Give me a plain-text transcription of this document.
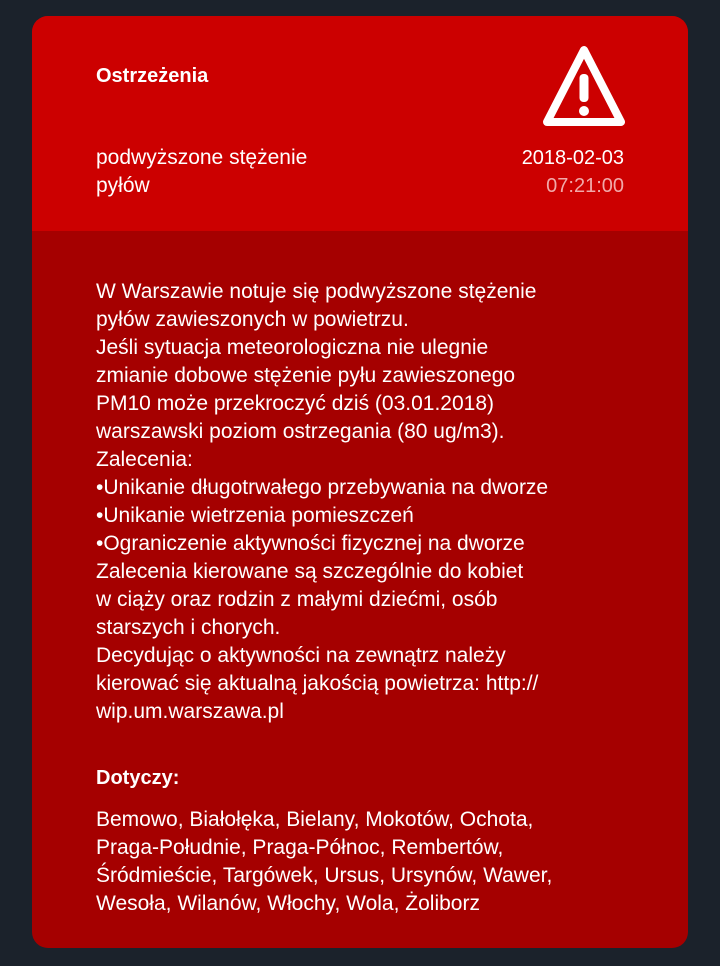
Ostrzeżenia
podwyższone stężenie
pyłów
2018-02-03
07:21:00
W Warszawie notuje się podwyższone stężenie
pyłów zawieszonych w powietrzu.
Jeśli sytuacja meteorologiczna nie ulegnie
zmianie dobowe stężenie pyłu zawieszonego
PM10 może przekroczyć dziś (03.01.2018)
warszawski poziom ostrzegania (80 ug/m3).
Zalecenia:
•Unikanie długotrwałego przebywania na dworze
•Unikanie wietrzenia pomieszczeń
•Ograniczenie aktywności fizycznej na dworze
Zalecenia kierowane są szczególnie do kobiet
w ciąży oraz rodzin z małymi dziećmi, osób
starszych i chorych.
Decydując o aktywności na zewnątrz należy
kierować się aktualną jakością powietrza: http://
wip.um.warszawa.pl
Dotyczy:
Bemowo, Białołęka, Bielany, Mokotów, Ochota,
Praga-Południe, Praga-Północ, Rembertów,
Śródmieście, Targówek, Ursus, Ursynów, Wawer,
Wesoła, Wilanów, Włochy, Wola, Żoliborz
